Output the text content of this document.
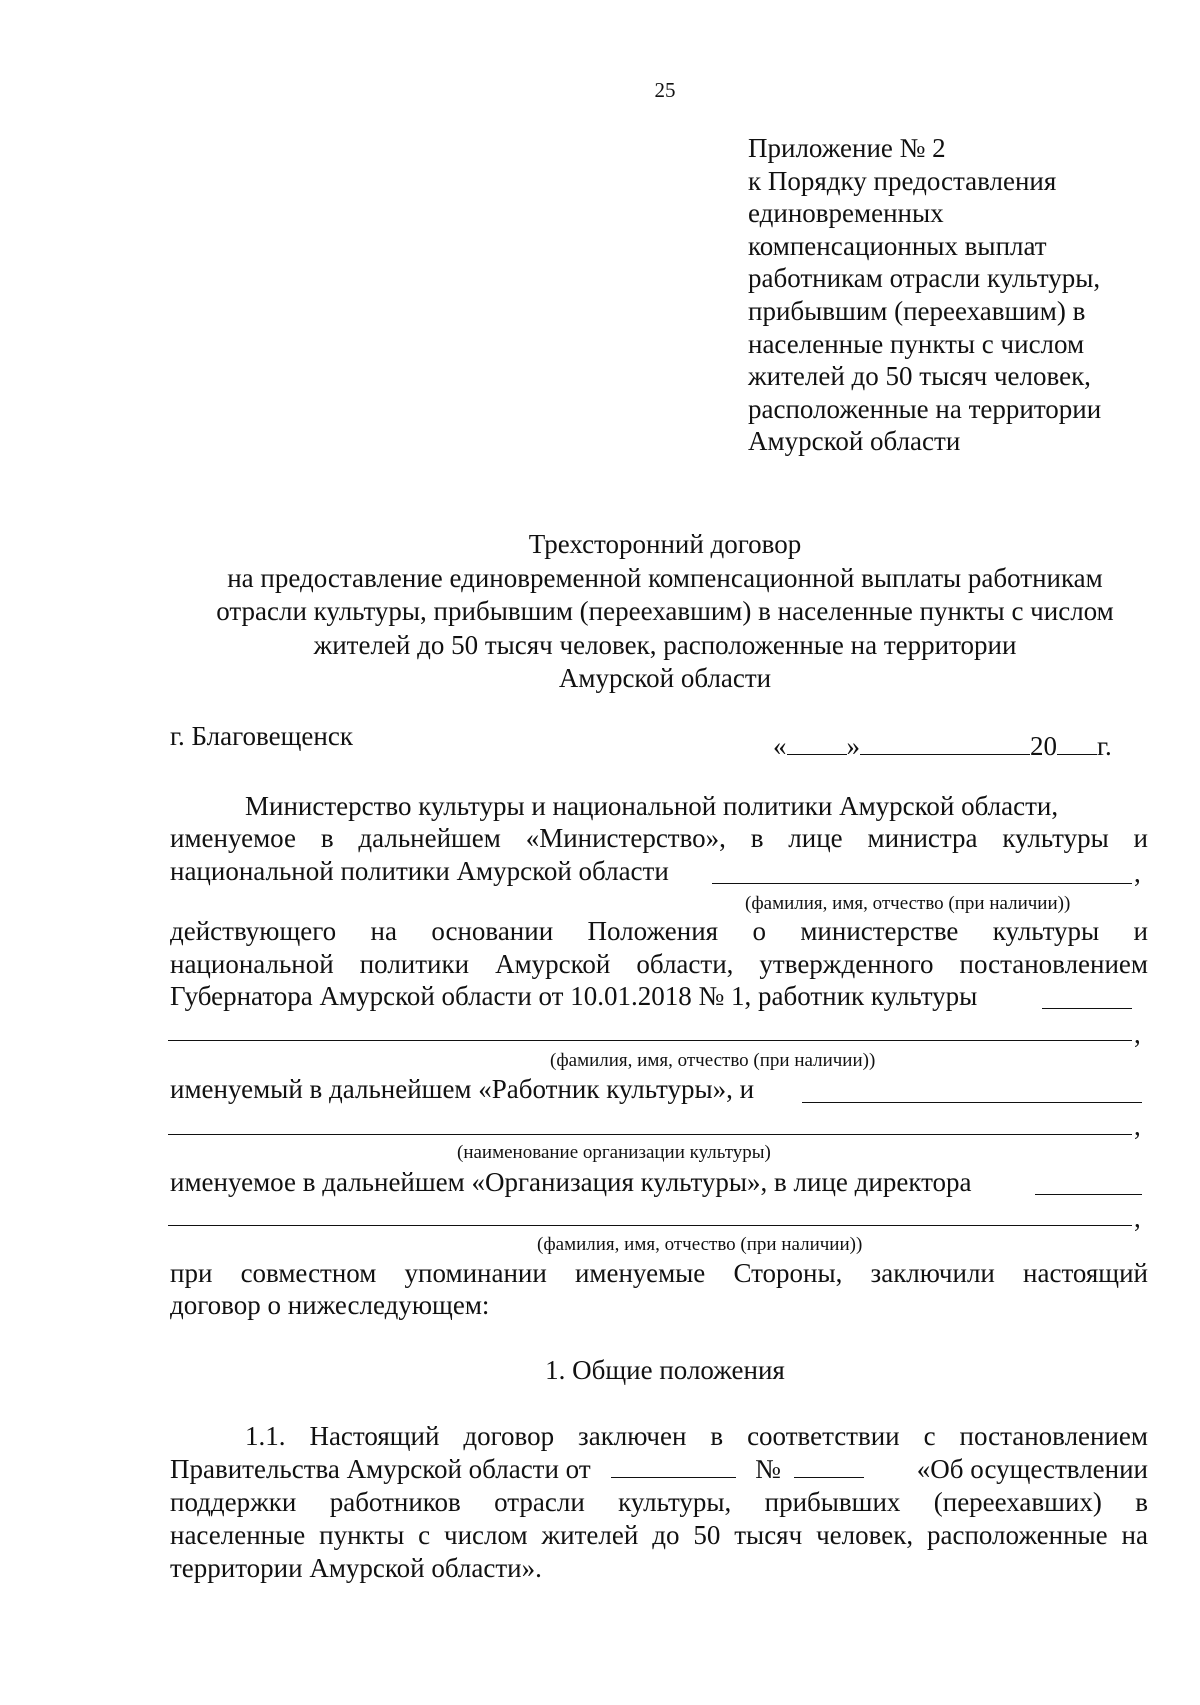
25
Приложение № 2
к Порядку предоставления
единовременных
компенсационных выплат
работникам отрасли культуры,
прибывшим (переехавшим) в
населенные пункты с числом
жителей до 50 тысяч человек,
расположенные на территории
Амурской области
Трехсторонний договор
на предоставление единовременной компенсационной выплаты работникам
отрасли культуры, прибывшим (переехавшим) в населенные пункты с числом
жителей до 50 тысяч человек, расположенные на территории
Амурской области
г. Благовещенск	« »	20 г.
Министерство культуры и национальной политики Амурской области,
именуемое в дальнейшем «Министерство», в лице министра культуры и
национальной политики Амурской области	,
(фамилия, имя, отчество (при наличии))
действующего на основании Положения о министерстве культуры и
национальной политики Амурской области, утвержденного постановлением
Губернатора Амурской области от 10.01.2018 № 1, работник культуры
,
(фамилия, имя, отчество (при наличии))
именуемый в дальнейшем «Работник культуры», и
,
(наименование организации культуры)
именуемое в дальнейшем «Организация культуры», в лице директора
,
(фамилия, имя, отчество (при наличии))
при совместном упоминании именуемые Стороны, заключили настоящий
договор о нижеследующем:
1. Общие положения
1.1. Настоящий договор заключен в соответствии с постановлением
Правительства Амурской области от	№	«Об осуществлении
поддержки работников отрасли культуры, прибывших (переехавших) в
населенные пункты с числом жителей до 50 тысяч человек, расположенные на
территории Амурской области».
